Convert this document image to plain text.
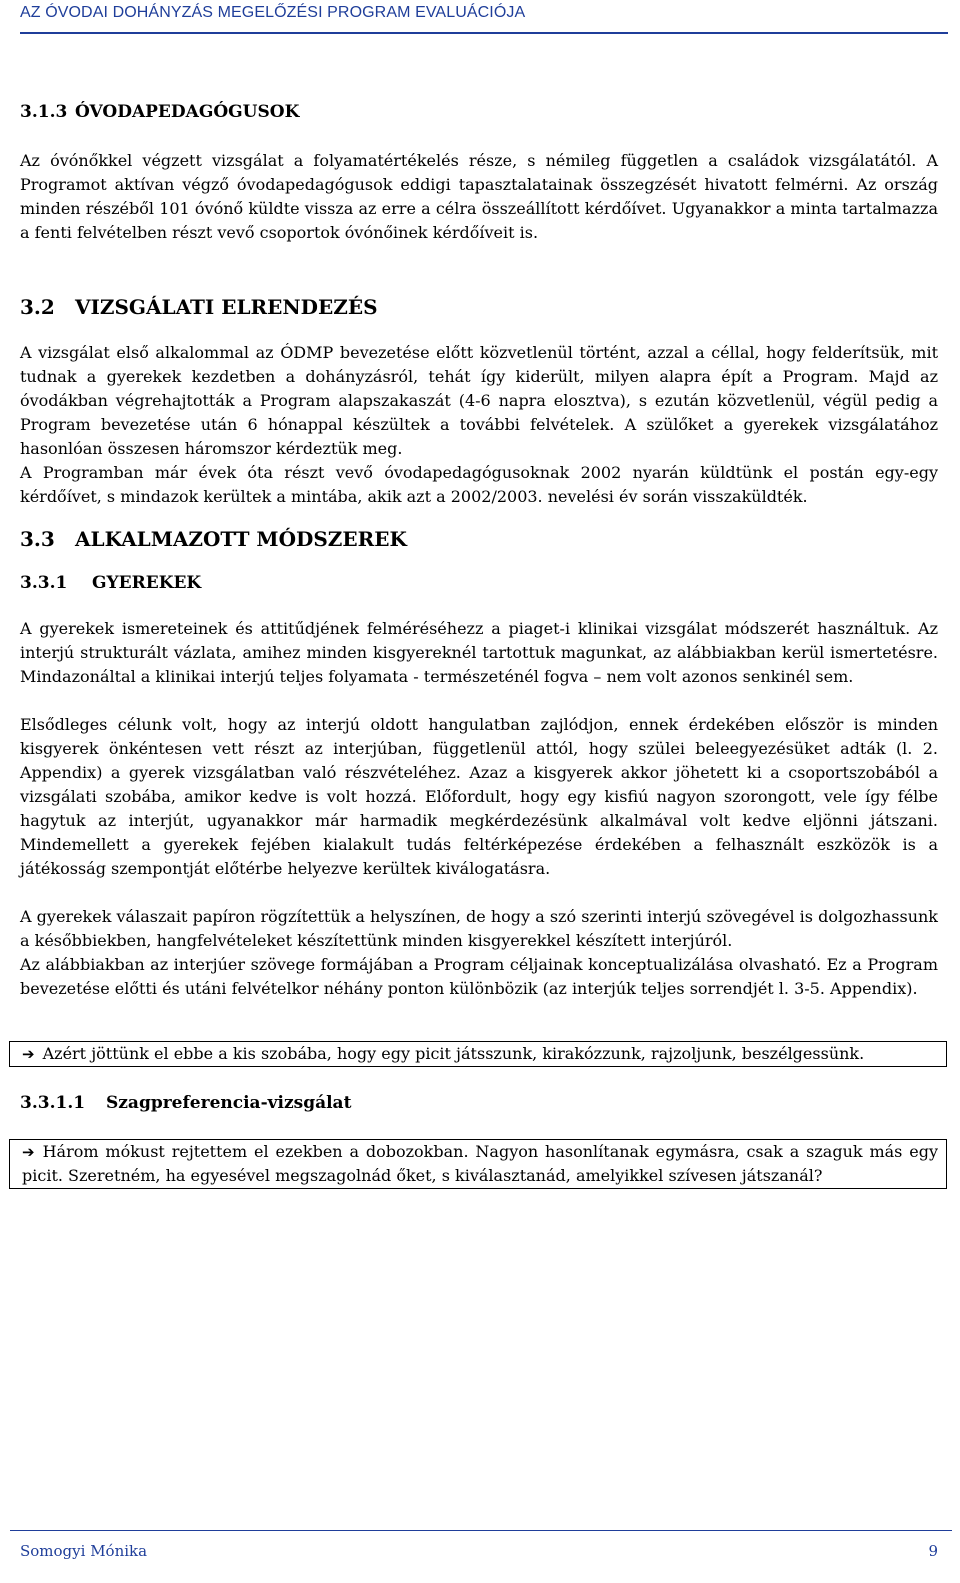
AZ ÓVODAI DOHÁNYZÁS MEGELŐZÉSI PROGRAM EVALUÁCIÓJA
3.1.3 ÓVODAPEDAGÓGUSOK

Az óvónőkkel végzett vizsgálat a folyamatértékelés része, s némileg független a családok vizsgálatától. A Programot aktívan végző óvodapedagógusok eddigi tapasztalatainak összegzését hivatott felmérni. Az ország minden részéből 101 óvónő küldte vissza az erre a célra összeállított kérdőívet. Ugyanakkor a minta tartalmazza a fenti felvételben részt vevő csoportok óvónőinek kérdőíveit is.

3.2 VIZSGÁLATI ELRENDEZÉS

A vizsgálat első alkalommal az ÓDMP bevezetése előtt közvetlenül történt, azzal a céllal, hogy felderítsük, mit tudnak a gyerekek kezdetben a dohányzásról, tehát így kiderült, milyen alapra épít a Program. Majd az óvodákban végrehajtották a Program alapszakaszát (4-6 napra elosztva), s ezután közvetlenül, végül pedig a Program bevezetése után 6 hónappal készültek a további felvételek. A szülőket a gyerekek vizsgálatához hasonlóan összesen háromszor kérdeztük meg.

A Programban már évek óta részt vevő óvodapedagógusoknak 2002 nyarán küldtünk el postán egy-egy kérdőívet, s mindazok kerültek a mintába, akik azt a 2002/2003. nevelési év során visszaküldték.

3.3 ALKALMAZOTT MÓDSZEREK
3.3.1 GYEREKEK

A gyerekek ismereteinek és attitűdjének felméréséhezz a piaget-i klinikai vizsgálat módszerét használtuk. Az interjú strukturált vázlata, amihez minden kisgyereknél tartottuk magunkat, az alábbiakban kerül ismertetésre. Mindazonáltal a klinikai interjú teljes folyamata - természeténél fogva – nem volt azonos senkinél sem.

Elsődleges célunk volt, hogy az interjú oldott hangulatban zajlódjon, ennek érdekében először is minden kisgyerek önkéntesen vett részt az interjúban, függetlenül attól, hogy szülei beleegyezésüket adták (l. 2. Appendix) a gyerek vizsgálatban való részvételéhez. Azaz a kisgyerek akkor jöhetett ki a csoportszobából a vizsgálati szobába, amikor kedve is volt hozzá. Előfordult, hogy egy kisfiú nagyon szorongott, vele így félbe hagytuk az interjút, ugyanakkor már harmadik megkérdezésünk alkalmával volt kedve eljönni játszani. Mindemellett a gyerekek fejében kialakult tudás feltérképezése érdekében a felhasznált eszközök is a játékosság szempontját előtérbe helyezve kerültek kiválogatásra.

A gyerekek válaszait papíron rögzítettük a helyszínen, de hogy a szó szerinti interjú szövegével is dolgozhassunk a későbbiekben, hangfelvételeket készítettünk minden kisgyerekkel készített interjúról.

Az alábbiakban az interjúer szövege formájában a Program céljainak konceptualizálása olvasható. Ez a Program bevezetése előtti és utáni felvételkor néhány ponton különbözik (az interjúk teljes sorrendjét l. 3-5. Appendix).

➔ Azért jöttünk el ebbe a kis szobába, hogy egy picit játsszunk, kirakózzunk, rajzoljunk, beszélgessünk.

3.3.1.1 Szagpreferencia-vizsgálat

➔ Három mókust rejtettem el ezekben a dobozokban. Nagyon hasonlítanak egymásra, csak a szaguk más egy picit. Szeretném, ha egyesével megszagolnád őket, s kiválasztanád, amelyikkel szívesen játszanál?

Somogyi Mónika	9
